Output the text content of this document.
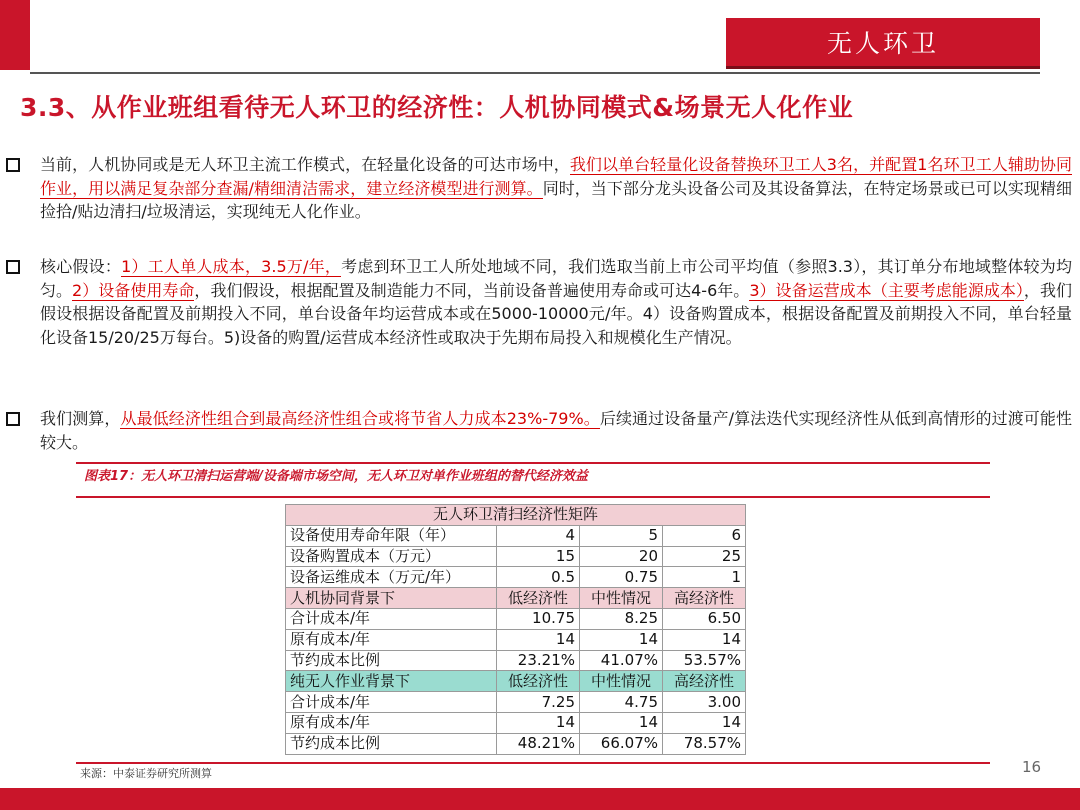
无人环卫
3.3、从作业班组看待无人环卫的经济性：人机协同模式&场景无人化作业
当前，人机协同或是无人环卫主流工作模式，在轻量化设备的可达市场中，我们以单台轻量化设备替换环卫工人3名，并配置1名环卫工人辅助协同作业，用以满足复杂部分查漏/精细清洁需求，建立经济模型进行测算。同时，当下部分龙头设备公司及其设备算法，在特定场景或已可以实现精细捡拾/贴边清扫/垃圾清运，实现纯无人化作业。
核心假设：1）工人单人成本，3.5万/年，考虑到环卫工人所处地域不同，我们选取当前上市公司平均值（参照3.3），其订单分布地域整体较为均匀。2）设备使用寿命，我们假设，根据配置及制造能力不同，当前设备普遍使用寿命或可达4-6年。3）设备运营成本（主要考虑能源成本），我们假设根据设备配置及前期投入不同，单台设备年均运营成本或在5000-10000元/年。4）设备购置成本，根据设备配置及前期投入不同，单台轻量化设备15/20/25万每台。5)设备的购置/运营成本经济性或取决于先期布局投入和规模化生产情况。
我们测算，从最低经济性组合到最高经济性组合或将节省人力成本23%-79%。后续通过设备量产/算法迭代实现经济性从低到高情形的过渡可能性较大。
图表17：无人环卫清扫运营端/设备端市场空间，无人环卫对单作业班组的替代经济效益
无人环卫清扫经济性矩阵			
设备使用寿命年限（年）	4	5	6
设备购置成本（万元）	15	20	25
设备运维成本（万元/年）	0.5	0.75	1
人机协同背景下	低经济性	中性情况	高经济性
合计成本/年	10.75	8.25	6.50
原有成本/年	14	14	14
节约成本比例	23.21%	41.07%	53.57%
纯无人作业背景下	低经济性	中性情况	高经济性
合计成本/年	7.25	4.75	3.00
原有成本/年	14	14	14
节约成本比例	48.21%	66.07%	78.57%
来源：中泰证券研究所测算	16
